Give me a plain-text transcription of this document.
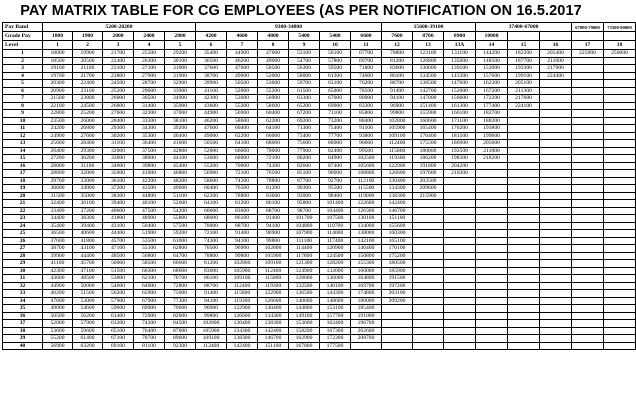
PAY MATRIX TABLE FOR CG EMPLOYEES (AS PER NOTIFICATION ON 16.5.2017
Pay Band	5200-20200					9300-34800						15600-39100			37400-67000			67000-79000	75500-80000		
Grade Pay	1800	1900	2000	2400	2800	4200	4600	4800	5400	5400	6600	7600	8700	8900	10000					
Level	1	2	3	4	5	6	7	8	9	10	11	12	13	13A	14	15	16	17	18	
1	18000	19900	21700	25500	29200	35400	44900	47600	53100	56100	67700	78800	123100	131100	144200	182200	205400	225000	250000	
2	18500	20500	22400	26300	30100	36500	46200	49000	54700	57800	69700	81200	126800	135000	148500	187700	211600			
3	19100	21100	23100	27100	31000	37600	47600	50500	56300	59500	71800	83600	130600	139100	153000	193300	217900			
4	19700	21700	23800	27900	31900	38700	49000	52000	58000	61300	74000	86100	134500	143300	157600	199100	224400			
5	20300	22400	24500	28700	32900	39900	50500	53600	59700	63100	76200	88700	138500	147600	162300	205100				
6	20900	23100	25200	29600	33900	41100	52000	55200	61500	65000	78500	91400	142700	152000	167200	211300				
7	21500	23800	26000	30500	34900	42300	53600	56900	63300	67000	80900	94100	147000	156600	172200	217600				
8	22100	24500	26800	31400	35900	43600	55200	58600	65200	69000	83300	96900	151400	161300	177400	224100				
9	22800	25200	27600	32300	37000	44900	56900	60400	67200	71100	85800	99800	155900	166100	182700					
10	23500	26000	28400	33300	38100	46200	58600	62200	69200	73200	88400	102800	160600	171100	188200					
11	24200	26800	29300	34300	39200	47600	60400	64100	71300	75400	91100	105900	165400	176200	193800					
12	24900	27600	30200	35300	40400	49000	62200	66000	73400	77700	93800	109100	170400	181500	199600					
13	25600	28400	31100	36400	41600	50500	64100	68000	75600	80000	96600	112400	175500	186900	205600					
14	26400	29300	32000	37500	42800	52000	66000	70000	77900	82400	99500	115800	180800	192500	211800					
15	27200	30200	33000	38600	44100	53600	68000	72100	80200	84900	102500	119300	186200	198300	218200					
16	28000	31100	34000	39800	45400	55200	70000	74300	82600	87400	105600	122900	191800	204200						
17	28800	32000	35000	41000	46800	56900	72100	76500	85100	90000	108800	126600	197600	210300						
18	29700	33000	36100	42200	48200	58600	74300	78800	87700	92700	112100	130400	203500							
19	30600	34000	37200	43500	49600	60400	76500	81200	90300	95500	115500	134300	209600							
20	31500	35000	38300	44800	51100	62200	78800	83600	93000	98400	119000	138300	215900							
21	32400	36100	39400	46100	52600	64100	81200	86100	95800	101400	122600	142400								
22	33400	37200	40600	47500	54200	66000	83600	88700	98700	104400	126300	146700								
23	34400	38300	41800	48900	55800	68000	86100	91400	101700	107500	130100	151100								
24	35400	39400	43100	50400	57500	70000	88700	94100	104800	110700	134000	155600								
25	36500	40600	44400	51900	59200	72100	91400	96900	107900	114000	138000	160300								
26	37600	41800	45700	53500	61000	74300	94100	99800	111100	117400	142100	165100								
27	38700	43100	47100	55100	62800	76500	96900	102800	114400	120900	146400	170100								
28	39900	44400	48500	56800	64700	78800	99800	105900	117800	124500	150800	175200								
29	41100	45700	50000	58500	66600	81200	102800	109100	121300	128200	155300	180500								
30	42300	47100	51500	60300	68600	83600	105900	112400	124900	132000	160000	185900								
31	43600	48500	53000	62100	70700	86100	109100	115800	128600	136000	164800	191500								
32	44900	50000	54600	64000	72800	88700	112400	119300	132500	140100	169700	197200								
33	46200	51500	56200	65900	75000	91400	115800	122900	136500	144300	174800	203100								
34	47600	53000	57900	67900	77300	94100	119300	126600	140600	148600	180000	209200								
35	49000	54600	59600	69900	79600	96900	122900	130400	144800	153100	185400									
36	50500	56200	61400	72000	82000	99800	126600	134300	149100	157700	191000									
37	52000	57900	63200	74200	84500	102800	130400	138300	153600	162400	196700									
38	53600	59600	65100	76400	87000	105900	134300	142400	158200	167300	202600									
39	55200	61400	67100	78700	89600	109100	138300	146700	162900	172300	208700									
40	56900	63200	69100	81100	92300	112400	142400	151100	167800	177500										
